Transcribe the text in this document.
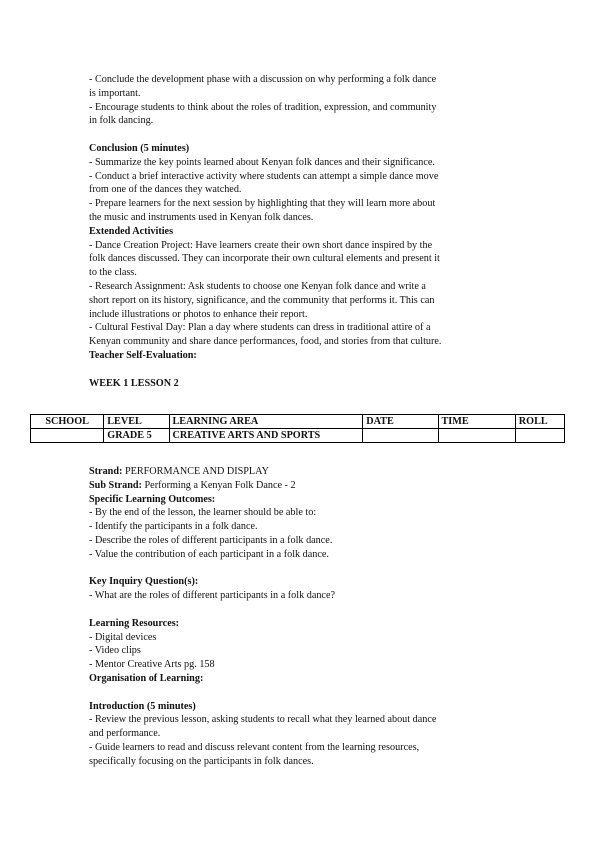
- Conclude the development phase with a discussion on why performing a folk dance

is important.

- Encourage students to think about the roles of tradition, expression, and community

in folk dancing.

Conclusion (5 minutes)

- Summarize the key points learned about Kenyan folk dances and their significance.

- Conduct a brief interactive activity where students can attempt a simple dance move

from one of the dances they watched.

- Prepare learners for the next session by highlighting that they will learn more about

the music and instruments used in Kenyan folk dances.

Extended Activities

- Dance Creation Project: Have learners create their own short dance inspired by the

folk dances discussed. They can incorporate their own cultural elements and present it

to the class.

- Research Assignment: Ask students to choose one Kenyan folk dance and write a

short report on its history, significance, and the community that performs it. This can

include illustrations or photos to enhance their report.

- Cultural Festival Day: Plan a day where students can dress in traditional attire of a

Kenyan community and share dance performances, food, and stories from that culture.

Teacher Self-Evaluation:

WEEK 1 LESSON 2

SCHOOL	LEVEL	LEARNING AREA	DATE	TIME	ROLL
	GRADE 5	CREATIVE ARTS AND SPORTS			

Strand: PERFORMANCE AND DISPLAY

Sub Strand: Performing a Kenyan Folk Dance - 2

Specific Learning Outcomes:

- By the end of the lesson, the learner should be able to:

- Identify the participants in a folk dance.

- Describe the roles of different participants in a folk dance.

- Value the contribution of each participant in a folk dance.

Key Inquiry Question(s):

- What are the roles of different participants in a folk dance?

Learning Resources:

- Digital devices

- Video clips

- Mentor Creative Arts pg. 158

Organisation of Learning:

Introduction (5 minutes)

- Review the previous lesson, asking students to recall what they learned about dance

and performance.

- Guide learners to read and discuss relevant content from the learning resources,

specifically focusing on the participants in folk dances.
